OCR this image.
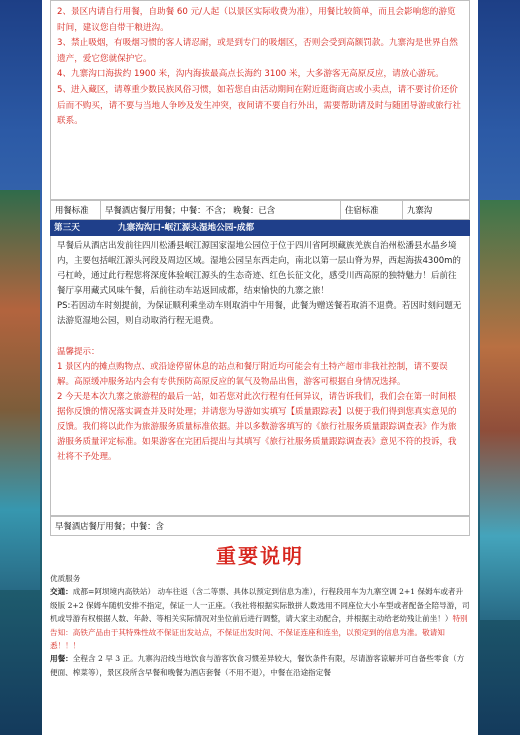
2、景区内请自行用餐，自助餐 60 元/人起（以景区实际收费为准），用餐比较简单，而且会影响您的游览时间，建议您自带干粮进沟。

3、禁止吸烟，有吸烟习惯的客人请忍耐，或是到专门的吸烟区，否则会受到高额罚款。九寨沟是世界自然遗产，爱它您就保护它。

4、九寨沟口海拔约 1900 米，沟内海拔最高点长海约 3100 米，大多游客无高原反应，请放心游玩。

5、进入藏区，请尊重少数民族风俗习惯，如若您自由活动期间在附近逛街商店或小卖点，请不要讨价还价后而不购买，请不要与当地人争吵及发生冲突，夜间请不要自行外出，需要帮助请及时与随团导游或旅行社联系。

用餐标准	早餐酒店餐厅用餐；中餐：不含； 晚餐：已含	住宿标准	九寨沟
第三天	九寨沟沟口-岷江源头湿地公园-成都

早餐后从酒店出发前往四川松潘县岷江源国家湿地公园位于位于四川省阿坝藏族羌族自治州松潘县水晶乡境内，主要包括岷江源头河段及周边区域。湿地公园呈东西走向，南北以第一层山脊为界，西起海拔4300m的弓杠岭，通过此行程您将深度体验岷江源头的生态奇迹、红色长征文化，感受川西高原的独特魅力！后前往餐厅享用藏式风味午餐，后前往动车站返回成都，结束愉快的九寨之旅！

PS:若因动车时刻提前，为保证顺利乘坐动车则取消中午用餐，此餐为赠送餐若取消不退费。若因时刻问题无法游览湿地公园，则自动取消行程无退费。

温馨提示：

1 景区内的摊点购物点、或沿途停留休息的站点和餐厅附近均可能会有土特产超市非我社控制，请不要误解。高原缓冲服务站内会有专供预防高原反应的氧气及物品出售，游客可根据自身情况选择。

2 今天是本次九寨之旅游程的最后一站，如若您对此次行程有任何异议，请告诉我们，我们会在第一时间根据你反馈的情况落实调查并及时处理；并请您为导游如实填写【质量跟踪表】以便于我们得到您真实意见的反馈。我们将以此作为旅游服务质量标准依据。并以多数游客填写的《旅行社服务质量跟踪调查表》作为旅游服务质量评定标准。如果游客在完团后提出与其填写《旅行社服务质量跟踪调查表》意见不符的投诉，我社将不予处理。

早餐酒店餐厅用餐；中餐：含
重要说明

优质服务

交通：成都=阿坝境内高铁站） 动车往返（含二等票、具体以预定到信息为准），行程段用车为九寨空调 2+1 保姆车或者升级版 2+2 保姆车随机安排不指定，保证一人一正座。（我社将根据实际散拼人数选用不同座位大小车型或者配备全陪导游，司机或导游有权根据人数、年龄、等相关实际情况对坐位前后进行调整，请大家主动配合，并根据主动给老幼残让前坐！）特别告知：高铁产品由于其特殊性故不保证出发站点，不保证出发时间、不保证连座和连坐，以预定到的信息为准。敬请知悉！！！

用餐：全程含 2 早 3 正。九寨沟沿线当地饮食与游客饮食习惯差异较大，餐饮条件有限，尽请游客谅解并可自备些零食（方便面、榨菜等），景区段所含早餐和晚餐为酒店套餐（不用不退），中餐在沿途指定餐
